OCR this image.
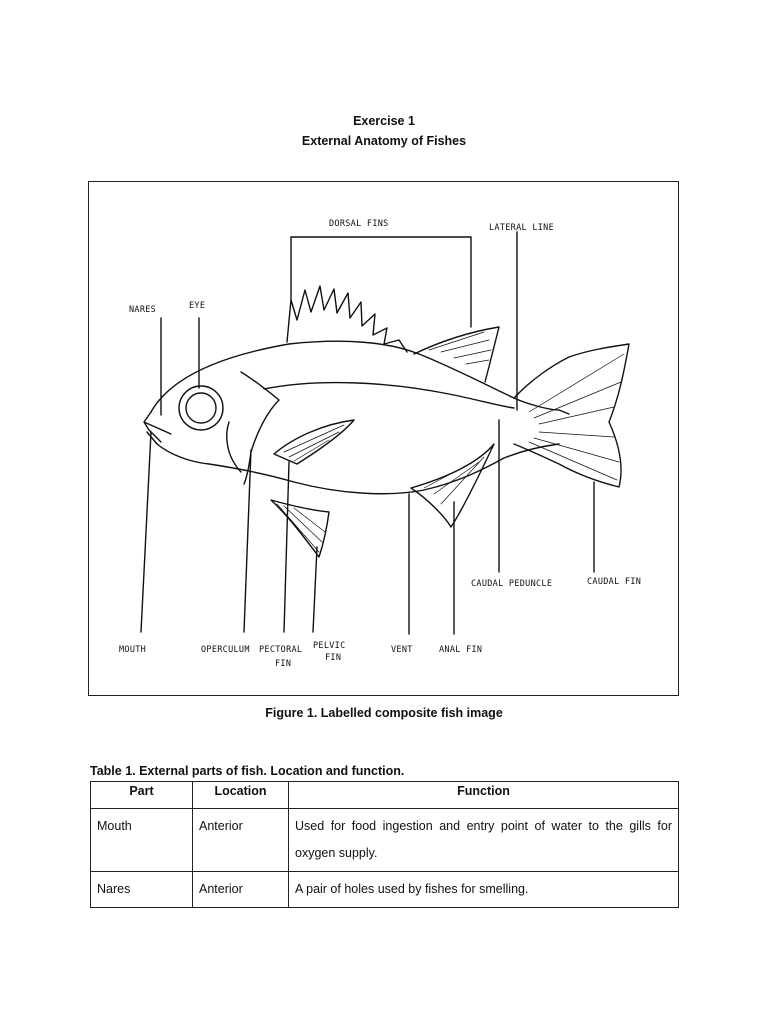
Exercise 1
External Anatomy of Fishes
DORSAL FINS	LATERAL LINE
NARES	EYE
CAUDAL PEDUNCLE	CAUDAL FIN
MOUTH	OPERCULUM PECTORAL
FIN
PELVIC
FIN
VENT	ANAL FIN
Figure 1. Labelled composite fish image
Table 1. External parts of fish. Location and function.
Part	Location	Function
Mouth	Anterior	Used for food ingestion and entry point of water to the gills for oxygen supply.
Nares	Anterior	A pair of holes used by fishes for smelling.
